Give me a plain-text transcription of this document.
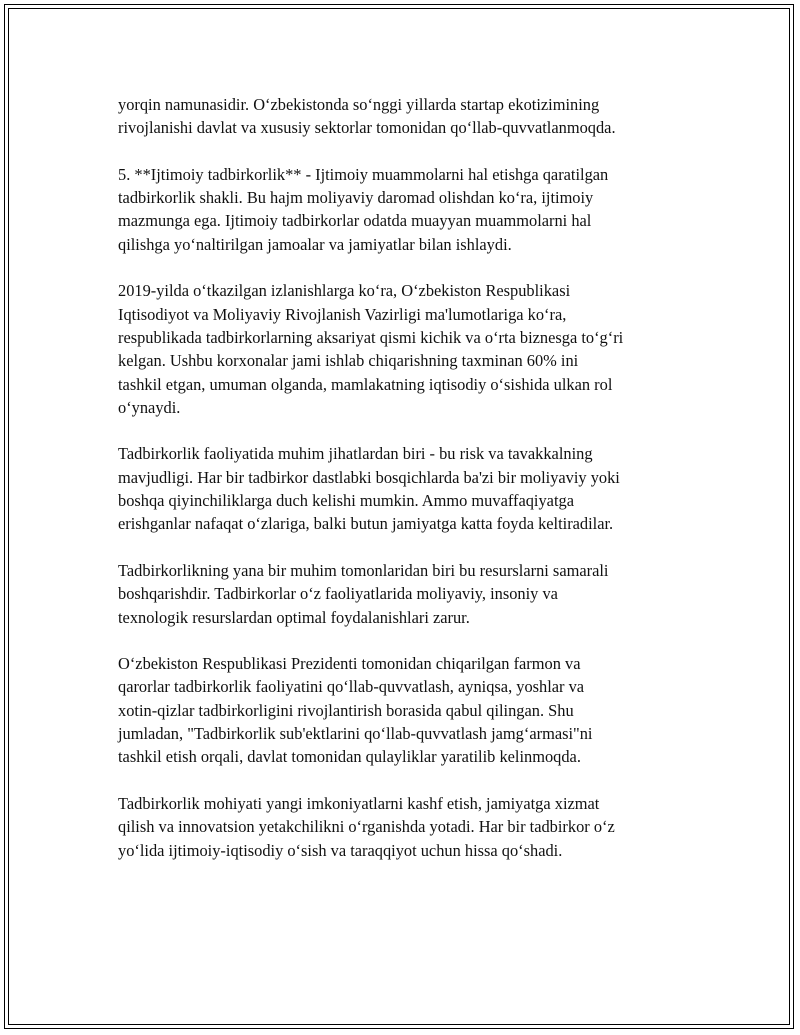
yorqin namunasidir. O‘zbekistonda so‘nggi yillarda startap ekotizimining
rivojlanishi davlat va xususiy sektorlar tomonidan qo‘llab-quvvatlanmoqda.

5. **Ijtimoiy tadbirkorlik** - Ijtimoiy muammolarni hal etishga qaratilgan
tadbirkorlik shakli. Bu hajm moliyaviy daromad olishdan ko‘ra, ijtimoiy
mazmunga ega. Ijtimoiy tadbirkorlar odatda muayyan muammolarni hal
qilishga yo‘naltirilgan jamoalar va jamiyatlar bilan ishlaydi.

2019-yilda o‘tkazilgan izlanishlarga ko‘ra, O‘zbekiston Respublikasi
Iqtisodiyot va Moliyaviy Rivojlanish Vazirligi ma'lumotlariga ko‘ra,
respublikada tadbirkorlarning aksariyat qismi kichik va o‘rta biznesga to‘g‘ri
kelgan. Ushbu korxonalar jami ishlab chiqarishning taxminan 60% ini
tashkil etgan, umuman olganda, mamlakatning iqtisodiy o‘sishida ulkan rol
o‘ynaydi.

Tadbirkorlik faoliyatida muhim jihatlardan biri - bu risk va tavakkalning
mavjudligi. Har bir tadbirkor dastlabki bosqichlarda ba'zi bir moliyaviy yoki
boshqa qiyinchiliklarga duch kelishi mumkin. Ammo muvaffaqiyatga
erishganlar nafaqat o‘zlariga, balki butun jamiyatga katta foyda keltiradilar.

Tadbirkorlikning yana bir muhim tomonlaridan biri bu resurslarni samarali
boshqarishdir. Tadbirkorlar o‘z faoliyatlarida moliyaviy, insoniy va
texnologik resurslardan optimal foydalanishlari zarur.

O‘zbekiston Respublikasi Prezidenti tomonidan chiqarilgan farmon va
qarorlar tadbirkorlik faoliyatini qo‘llab-quvvatlash, ayniqsa, yoshlar va
xotin-qizlar tadbirkorligini rivojlantirish borasida qabul qilingan. Shu
jumladan, "Tadbirkorlik sub'ektlarini qo‘llab-quvvatlash jamg‘armasi"ni
tashkil etish orqali, davlat tomonidan qulayliklar yaratilib kelinmoqda.

Tadbirkorlik mohiyati yangi imkoniyatlarni kashf etish, jamiyatga xizmat
qilish va innovatsion yetakchilikni o‘rganishda yotadi. Har bir tadbirkor o‘z
yo‘lida ijtimoiy-iqtisodiy o‘sish va taraqqiyot uchun hissa qo‘shadi.
